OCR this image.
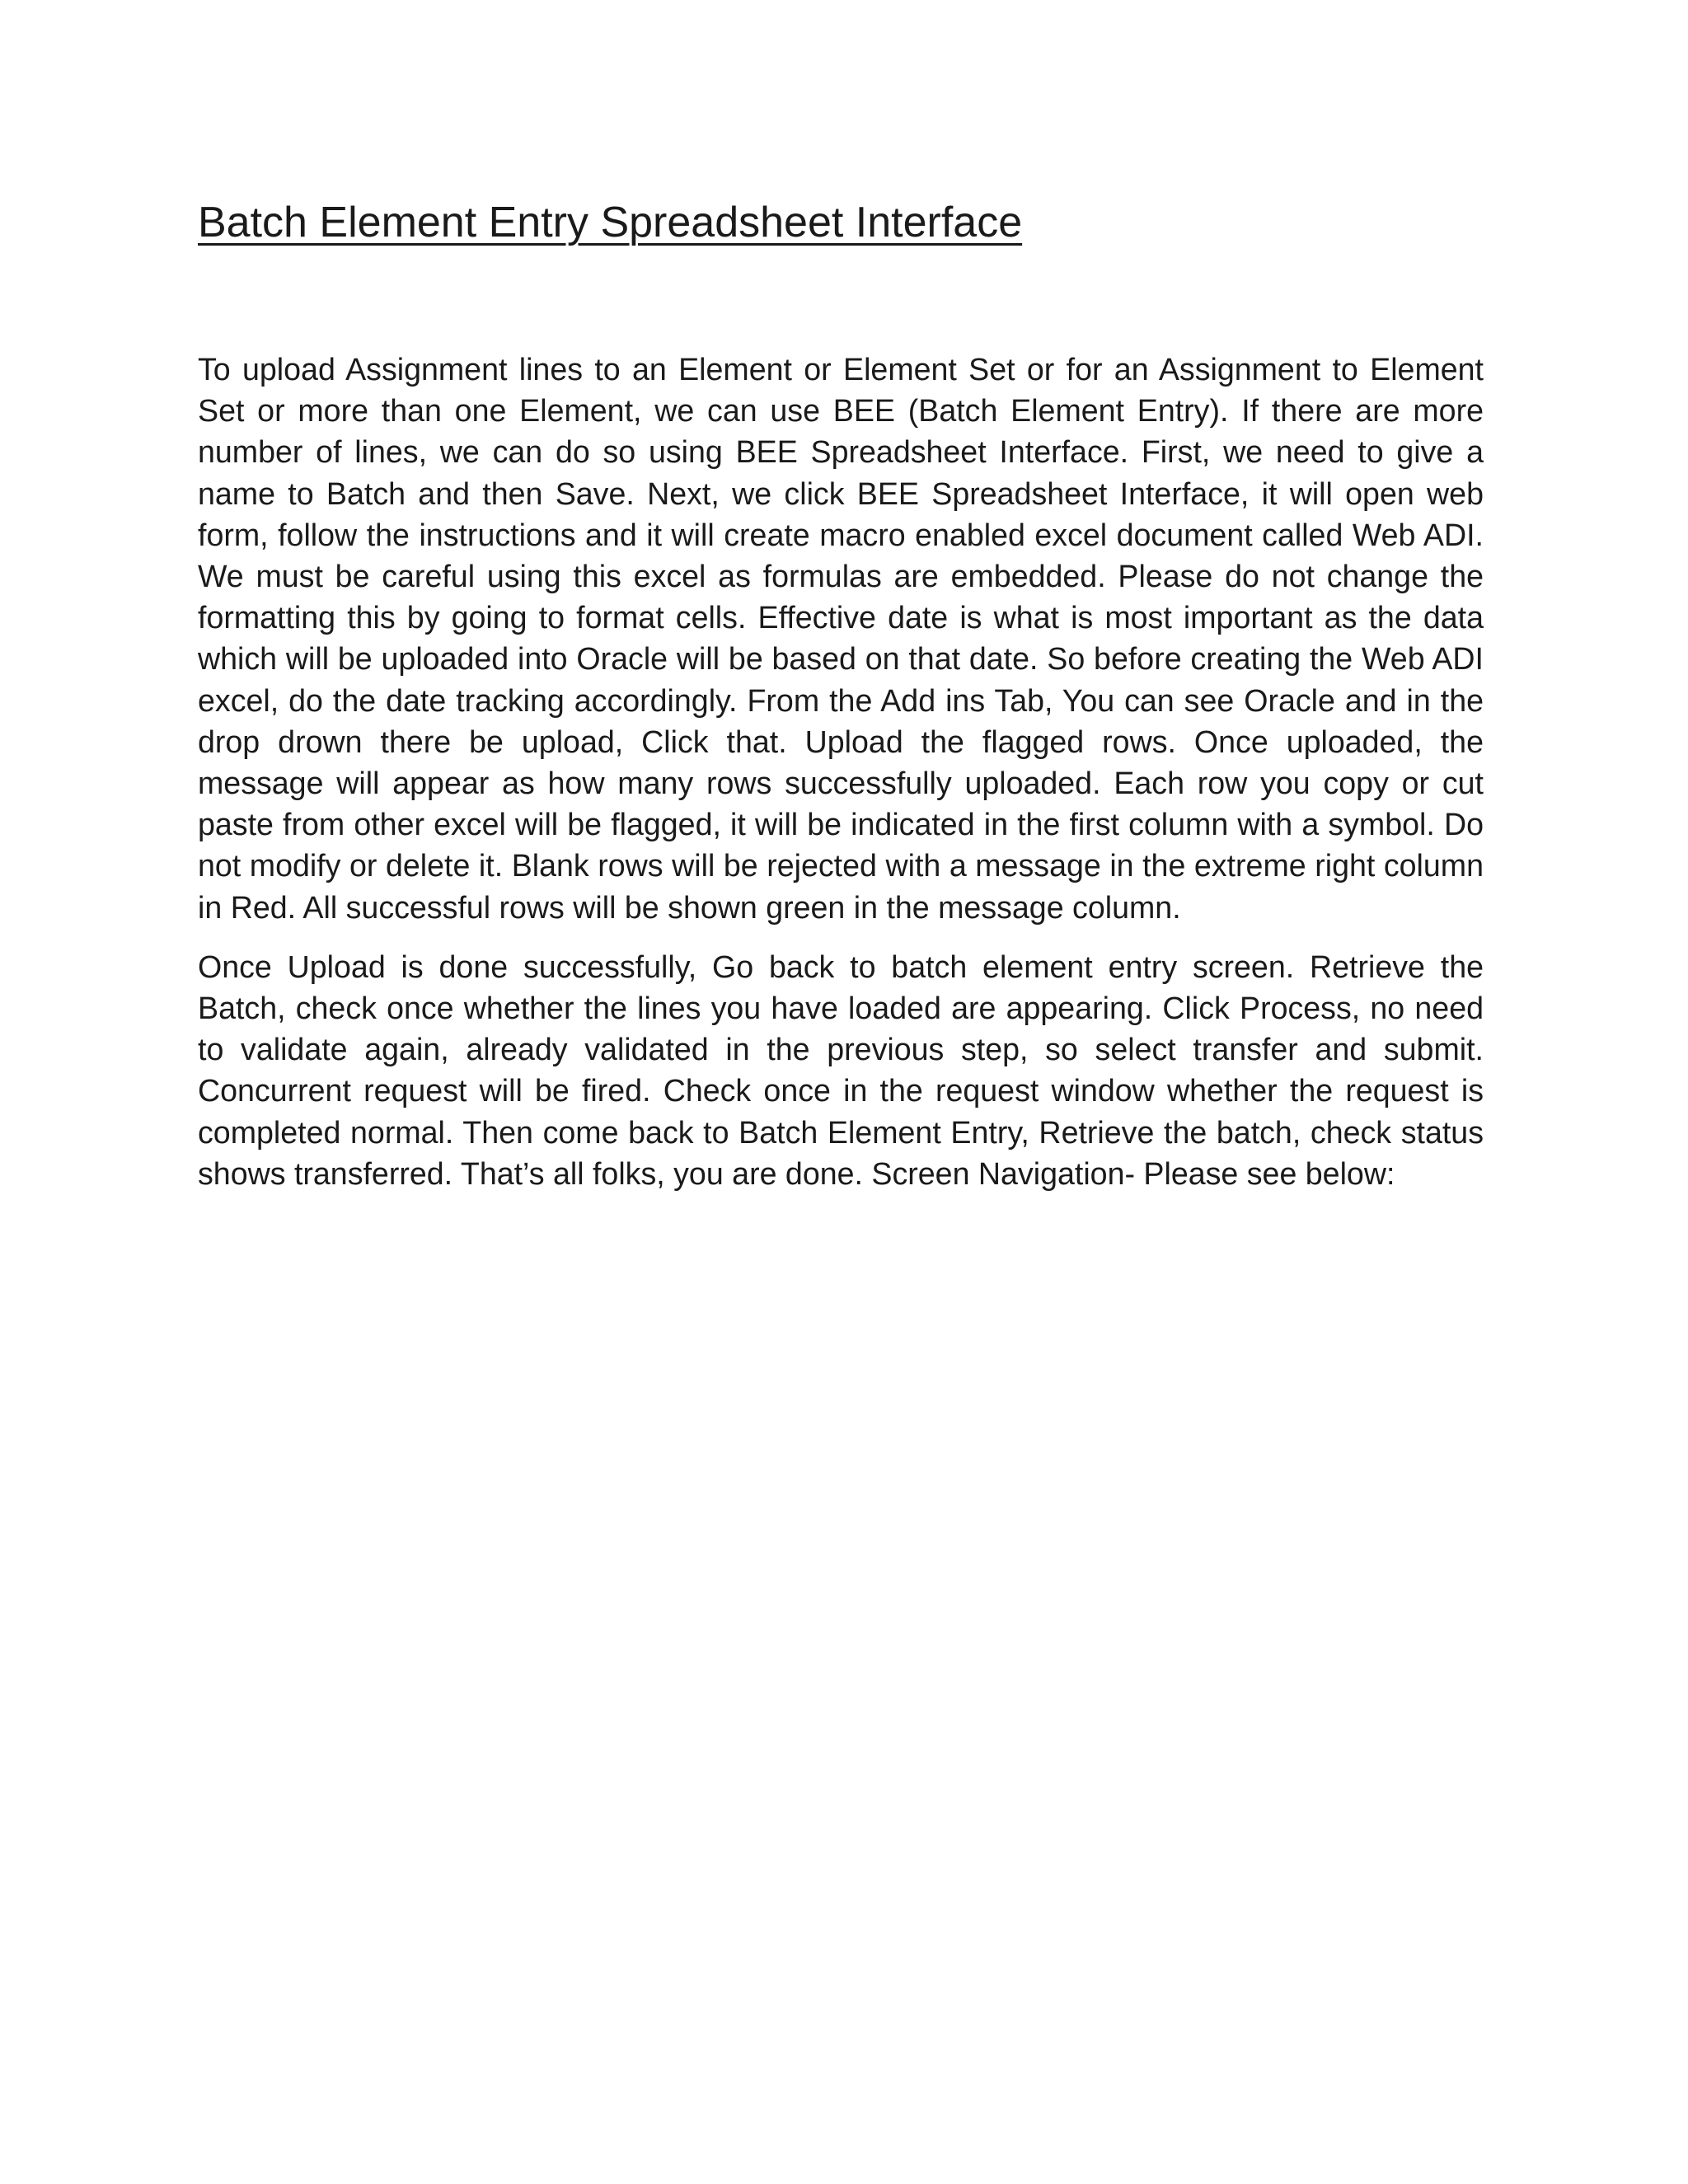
Batch Element Entry Spreadsheet Interface

To upload Assignment lines to an Element or Element Set or for an Assignment to Element Set or more than one Element, we can use BEE (Batch Element Entry). If there are more number of lines, we can do so using BEE Spreadsheet Interface. First, we need to give a name to Batch and then Save. Next, we click BEE Spreadsheet Interface, it will open web form, follow the instructions and it will create macro enabled excel document called Web ADI. We must be careful using this excel as formulas are embedded. Please do not change the formatting this by going to format cells. Effective date is what is most important as the data which will be uploaded into Oracle will be based on that date. So before creating the Web ADI excel, do the date tracking accordingly. From the Add ins Tab, You can see Oracle and in the drop drown there be upload, Click that. Upload the flagged rows. Once uploaded, the message will appear as how many rows successfully uploaded. Each row you copy or cut paste from other excel will be flagged, it will be indicated in the first column with a symbol. Do not modify or delete it. Blank rows will be rejected with a message in the extreme right column in Red. All successful rows will be shown green in the message column.

Once Upload is done successfully, Go back to batch element entry screen. Retrieve the Batch, check once whether the lines you have loaded are appearing. Click Process, no need to validate again, already validated in the previous step, so select transfer and submit. Concurrent request will be fired. Check once in the request window whether the request is completed normal. Then come back to Batch Element Entry, Retrieve the batch, check status shows transferred. That’s all folks, you are done. Screen Navigation- Please see below:
